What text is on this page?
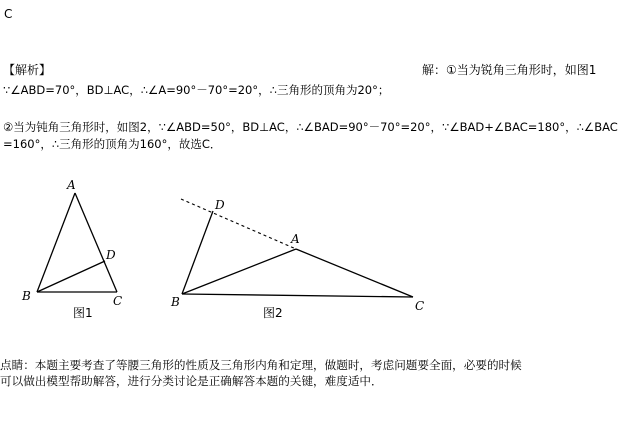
C
【解析】	解：①当为锐角三角形时，如图1
∵∠ABD=70°，BD⊥AC，∴∠A=90°－70°=20°，∴三角形的顶角为20°；
②当为钝角三角形时，如图2，∵∠ABD=50°，BD⊥AC，∴∠BAD=90°－70°=20°，∵∠BAD+∠BAC=180°，∴∠BAC
=160°，∴三角形的顶角为160°，故选C．
A
D
B	C
图1
D
A
B	C
图2
点睛：本题主要考查了等腰三角形的性质及三角形内角和定理，做题时，考虑问题要全面，必要的时候
可以做出模型帮助解答，进行分类讨论是正确解答本题的关键，难度适中．
